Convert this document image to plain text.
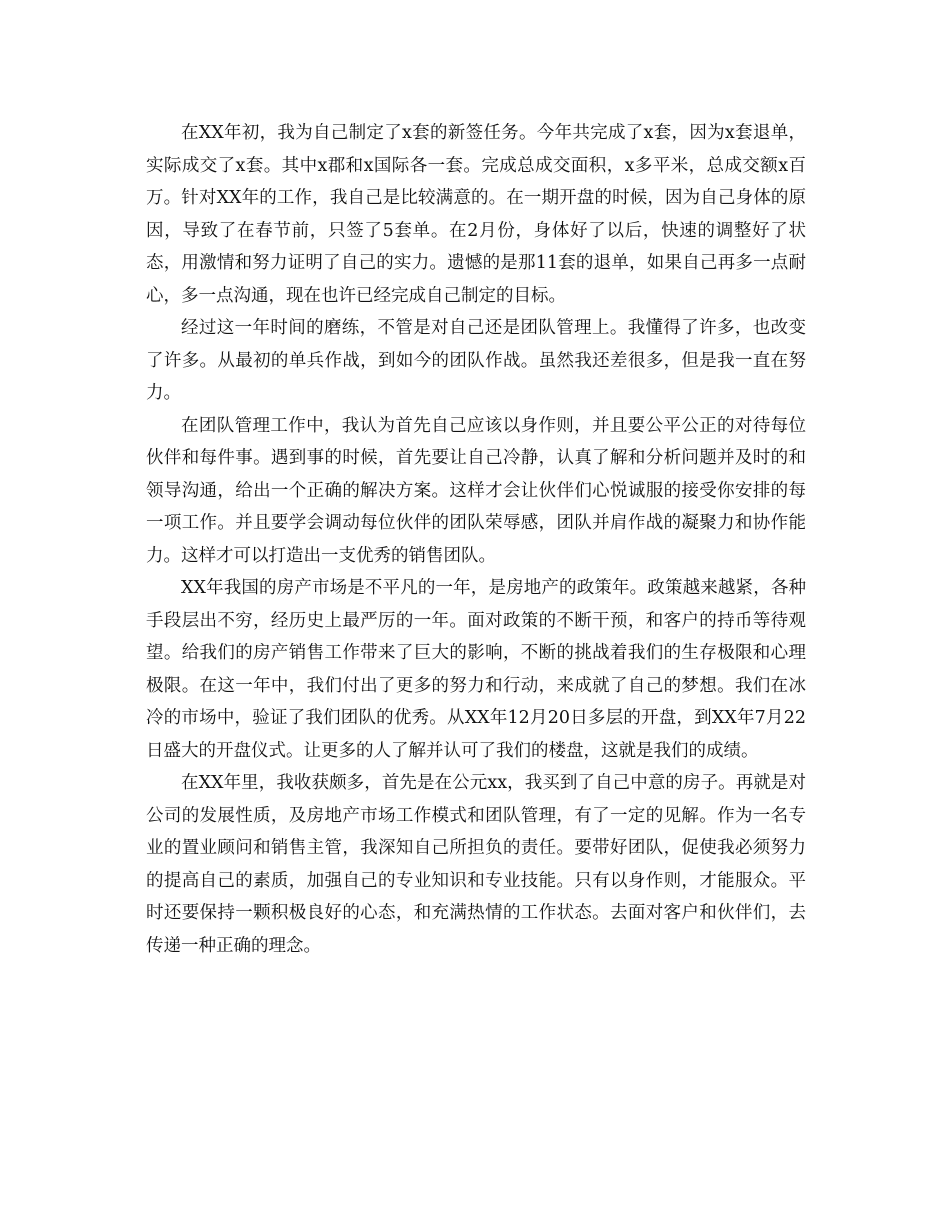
在XX年初，我为自己制定了x套的新签任务。今年共完成了x套，因为x套退单，实际成交了x套。其中x郡和x国际各一套。完成总成交面积，x多平米，总成交额x百万。针对XX年的工作，我自己是比较满意的。在一期开盘的时候，因为自己身体的原因，导致了在春节前，只签了5套单。在2月份，身体好了以后，快速的调整好了状态，用激情和努力证明了自己的实力。遗憾的是那11套的退单，如果自己再多一点耐心，多一点沟通，现在也许已经完成自己制定的目标。

经过这一年时间的磨练，不管是对自己还是团队管理上。我懂得了许多，也改变了许多。从最初的单兵作战，到如今的团队作战。虽然我还差很多，但是我一直在努力。

在团队管理工作中，我认为首先自己应该以身作则，并且要公平公正的对待每位伙伴和每件事。遇到事的时候，首先要让自己冷静，认真了解和分析问题并及时的和领导沟通，给出一个正确的解决方案。这样才会让伙伴们心悦诚服的接受你安排的每一项工作。并且要学会调动每位伙伴的团队荣辱感，团队并肩作战的凝聚力和协作能力。这样才可以打造出一支优秀的销售团队。

XX年我国的房产市场是不平凡的一年，是房地产的政策年。政策越来越紧，各种手段层出不穷，经历史上最严厉的一年。面对政策的不断干预，和客户的持币等待观望。给我们的房产销售工作带来了巨大的影响，不断的挑战着我们的生存极限和心理极限。在这一年中，我们付出了更多的努力和行动，来成就了自己的梦想。我们在冰冷的市场中，验证了我们团队的优秀。从XX年12月20日多层的开盘，到XX年7月22日盛大的开盘仪式。让更多的人了解并认可了我们的楼盘，这就是我们的成绩。

在XX年里，我收获颇多，首先是在公元xx，我买到了自己中意的房子。再就是对公司的发展性质，及房地产市场工作模式和团队管理，有了一定的见解。作为一名专业的置业顾问和销售主管，我深知自己所担负的责任。要带好团队，促使我必须努力的提高自己的素质，加强自己的专业知识和专业技能。只有以身作则，才能服众。平时还要保持一颗积极良好的心态，和充满热情的工作状态。去面对客户和伙伴们，去传递一种正确的理念。
